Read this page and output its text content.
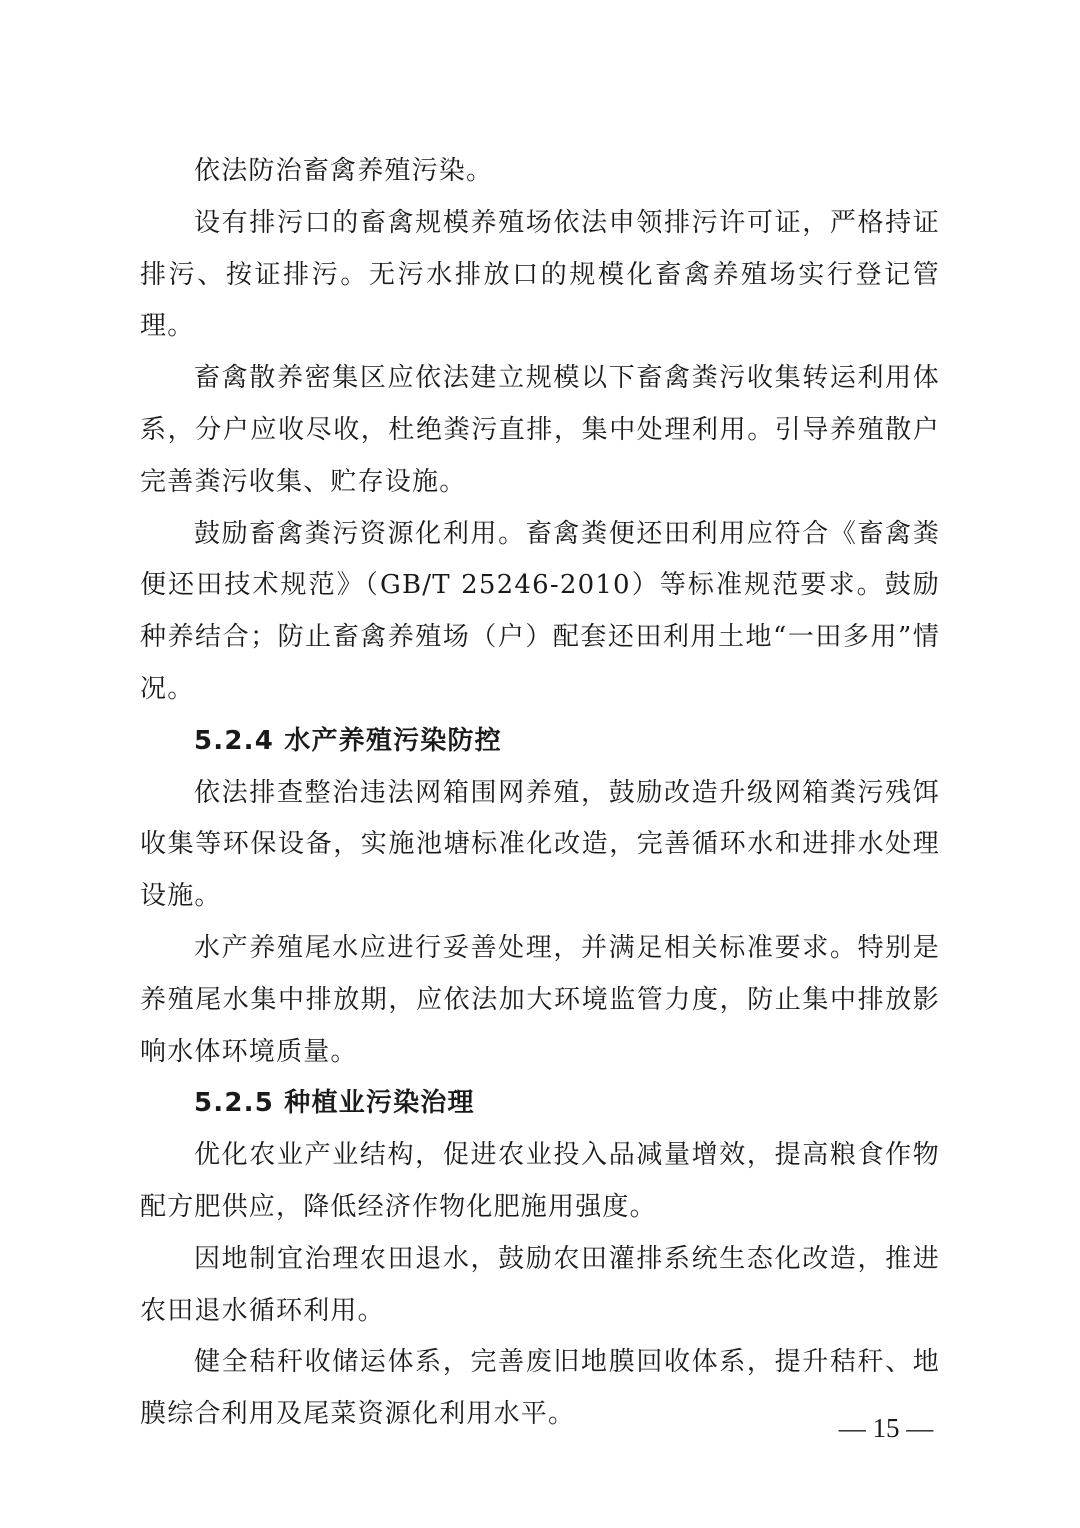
依法防治畜禽养殖污染。

设有排污口的畜禽规模养殖场依法申领排污许可证，严格持证排污、按证排污。无污水排放口的规模化畜禽养殖场实行登记管理。

畜禽散养密集区应依法建立规模以下畜禽粪污收集转运利用体系，分户应收尽收，杜绝粪污直排，集中处理利用。引导养殖散户完善粪污收集、贮存设施。

鼓励畜禽粪污资源化利用。畜禽粪便还田利用应符合《畜禽粪便还田技术规范》（GB/T 25246-2010）等标准规范要求。鼓励种养结合；防止畜禽养殖场（户）配套还田利用土地“一田多用”情况。

5.2.4 水产养殖污染防控

依法排查整治违法网箱围网养殖，鼓励改造升级网箱粪污残饵收集等环保设备，实施池塘标准化改造，完善循环水和进排水处理设施。

水产养殖尾水应进行妥善处理，并满足相关标准要求。特别是养殖尾水集中排放期，应依法加大环境监管力度，防止集中排放影响水体环境质量。

5.2.5 种植业污染治理

优化农业产业结构，促进农业投入品减量增效，提高粮食作物配方肥供应，降低经济作物化肥施用强度。

因地制宜治理农田退水，鼓励农田灌排系统生态化改造，推进农田退水循环利用。

健全秸秆收储运体系，完善废旧地膜回收体系，提升秸秆、地膜综合利用及尾菜资源化利用水平。	— 15 —
